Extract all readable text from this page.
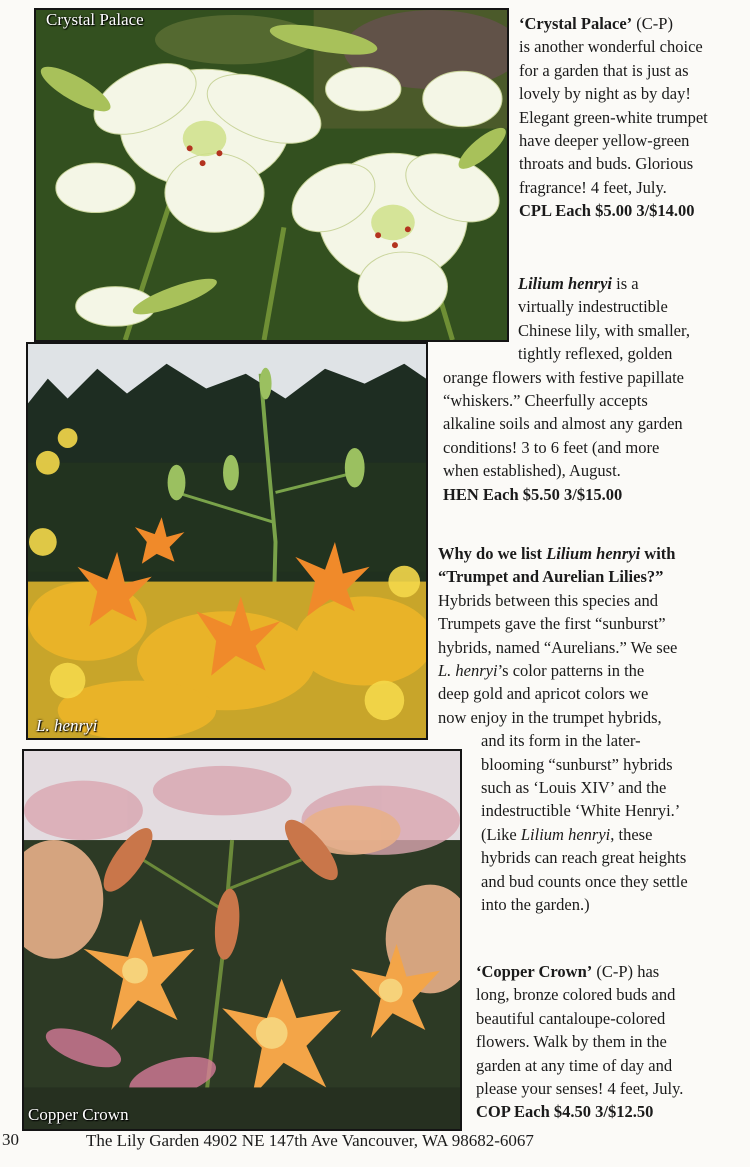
Crystal Palace
L. henryi
Copper Crown

‘Crystal Palace’ (C-P)

is another wonderful choice

for a garden that is just as

lovely by night as by day!

Elegant green-white trumpet

have deeper yellow-green

throats and buds. Glorious

fragrance! 4 feet, July.

CPL Each $5.00 3/$14.00

Lilium henryi is a

virtually indestructible

Chinese lily, with smaller,

tightly reflexed, golden

orange flowers with festive papillate

“whiskers.” Cheerfully accepts

alkaline soils and almost any garden

conditions! 3 to 6 feet (and more

when established), August.

HEN Each $5.50 3/$15.00

Why do we list Lilium henryi with

“Trumpet and Aurelian Lilies?”

Hybrids between this species and

Trumpets gave the first “sunburst”

hybrids, named “Aurelians.” We see

L. henryi’s color patterns in the

deep gold and apricot colors we

now enjoy in the trumpet hybrids,

and its form in the later-

blooming “sunburst” hybrids

such as ‘Louis XIV’ and the

indestructible ‘White Henryi.’

(Like Lilium henryi, these

hybrids can reach great heights

and bud counts once they settle

into the garden.)

‘Copper Crown’ (C-P) has

long, bronze colored buds and

beautiful cantaloupe-colored

flowers. Walk by them in the

garden at any time of day and

please your senses! 4 feet, July.

COP Each $4.50 3/$12.50

30	The Lily Garden 4902 NE 147th Ave Vancouver, WA 98682-6067
